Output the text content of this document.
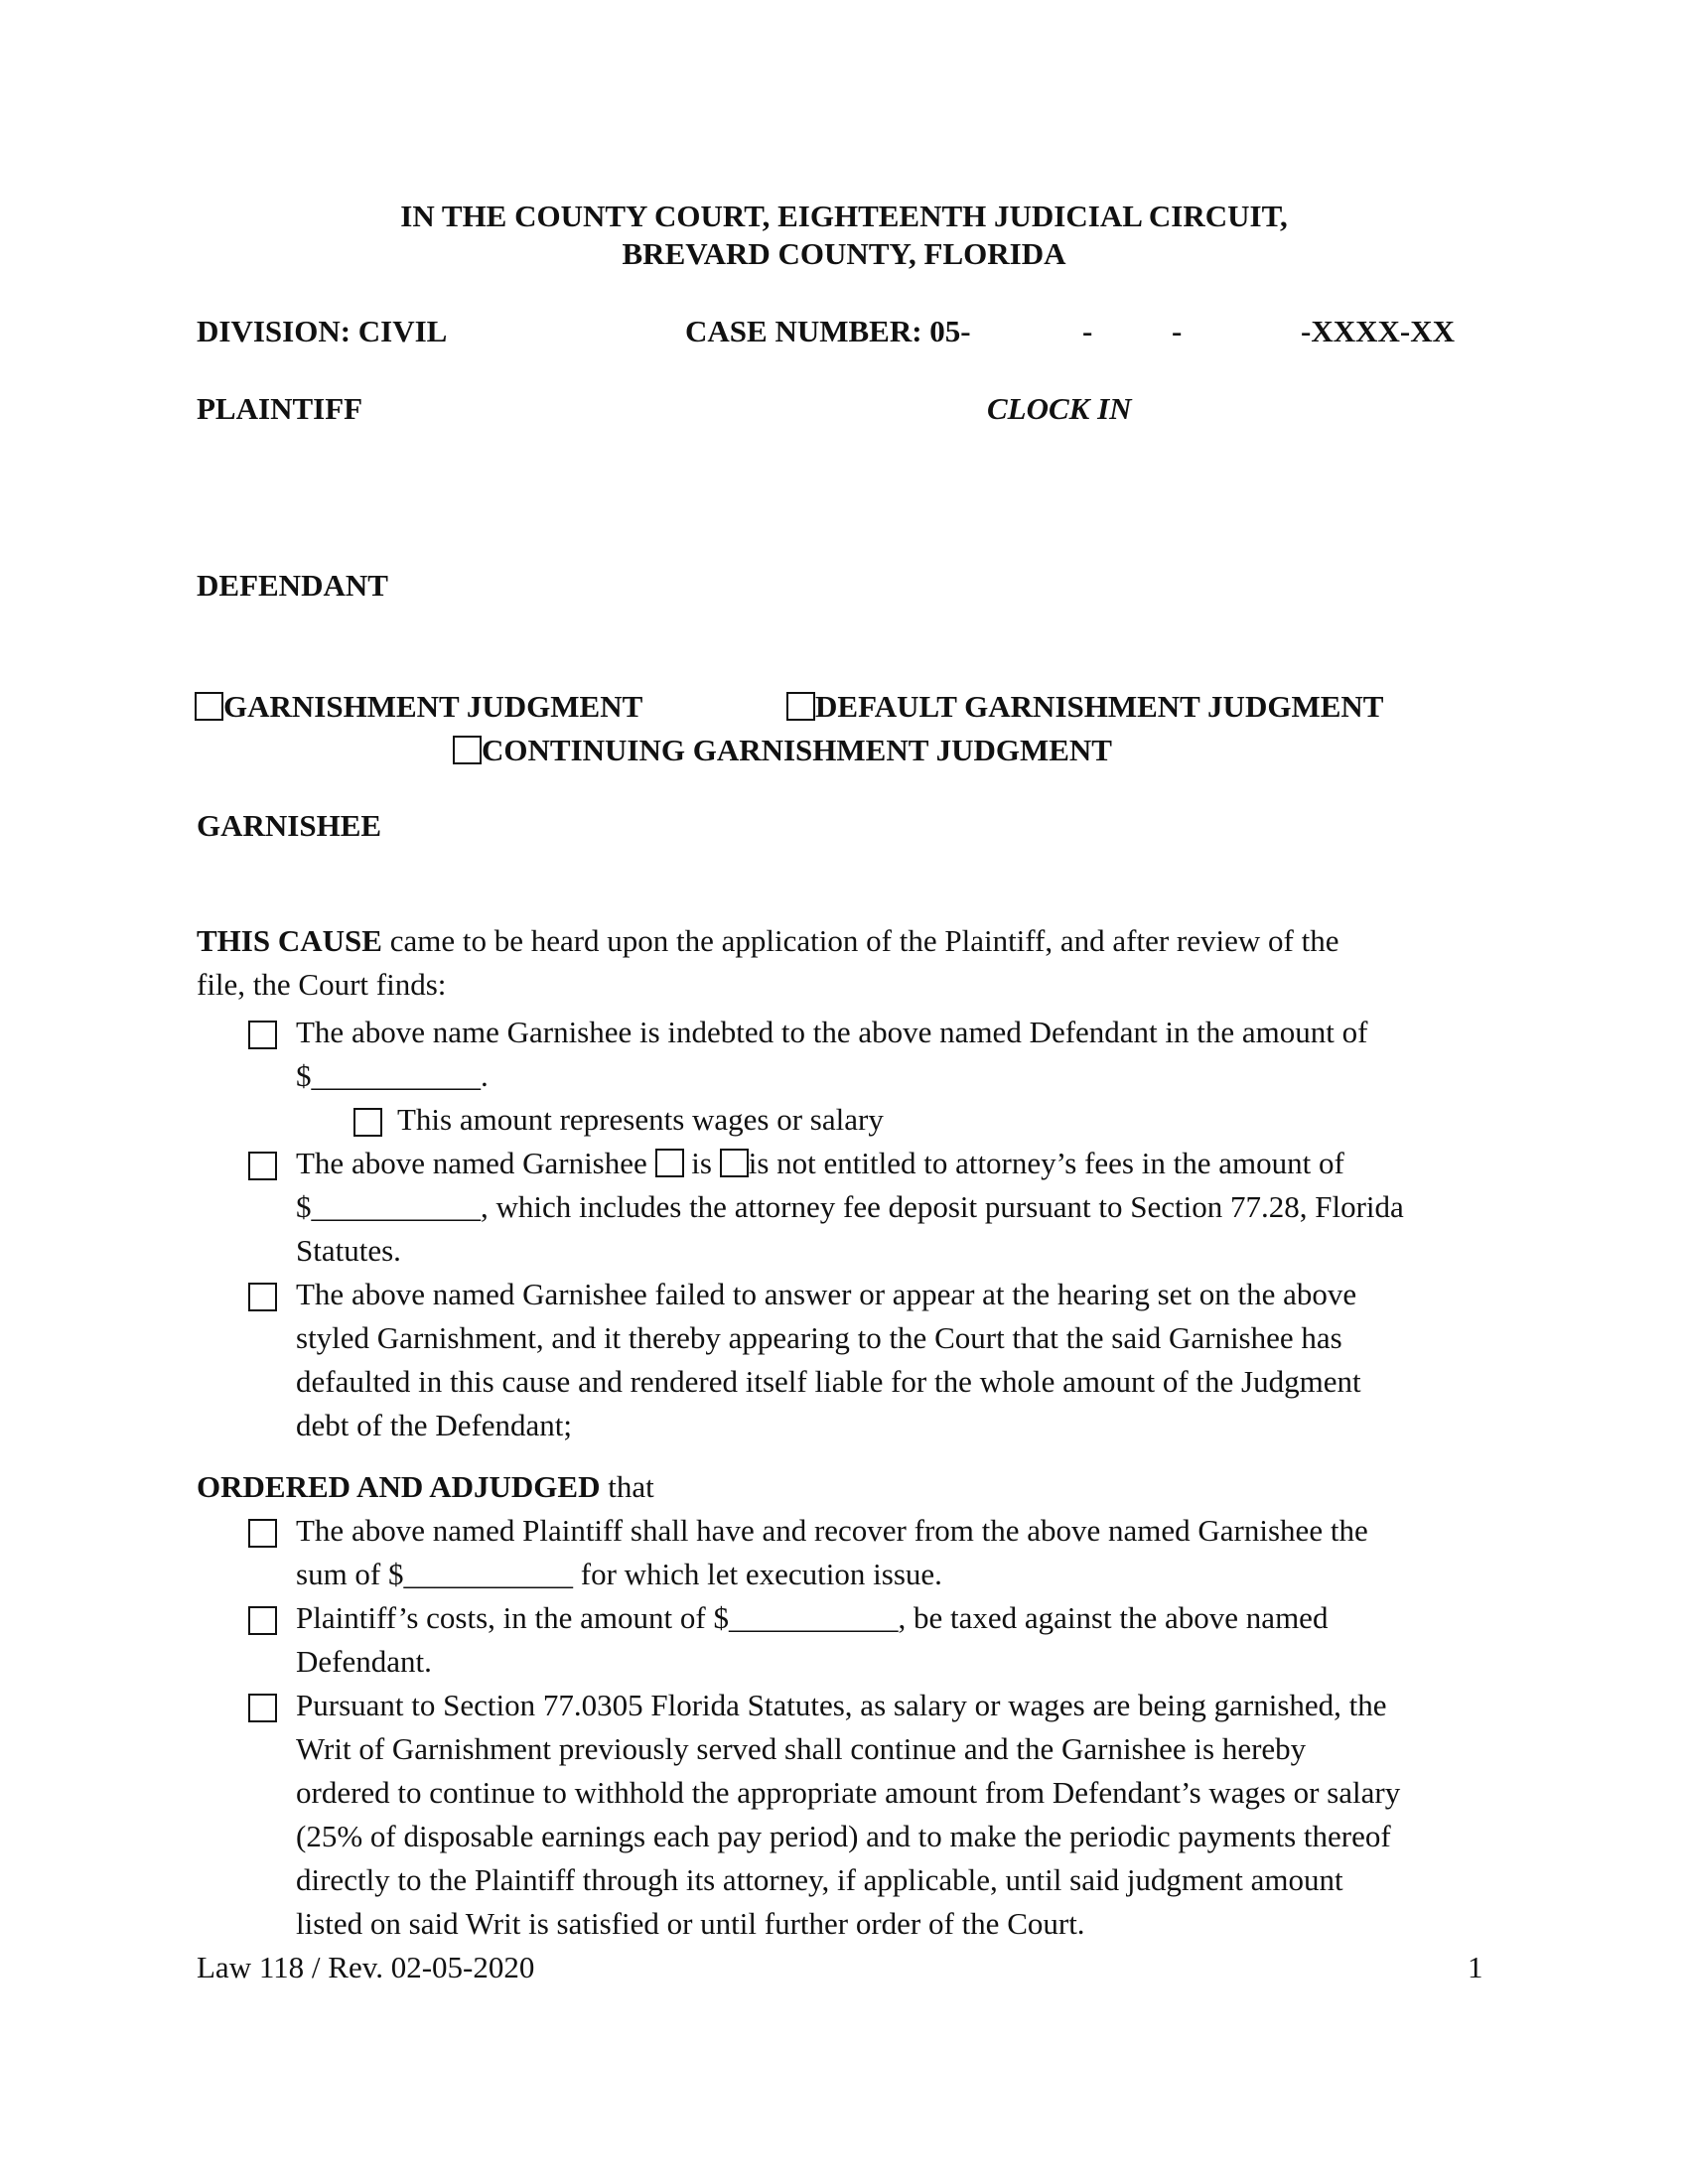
IN THE COUNTY COURT, EIGHTEENTH JUDICIAL CIRCUIT,
BREVARD COUNTY, FLORIDA
DIVISION: CIVIL	CASE NUMBER: 05-	-	-	-XXXX-XX
PLAINTIFF	CLOCK IN
DEFENDANT
GARNISHMENT JUDGMENT	DEFAULT GARNISHMENT JUDGMENT
CONTINUING GARNISHMENT JUDGMENT
GARNISHEE
THIS CAUSE came to be heard upon the application of the Plaintiff, and after review of the
file, the Court finds:
The above name Garnishee is indebted to the above named Defendant in the amount of
$___________.
This amount represents wages or salary
The above named Garnishee  is is not entitled to attorney’s fees in the amount of
$___________, which includes the attorney fee deposit pursuant to Section 77.28, Florida
Statutes.
The above named Garnishee failed to answer or appear at the hearing set on the above
styled Garnishment, and it thereby appearing to the Court that the said Garnishee has
defaulted in this cause and rendered itself liable for the whole amount of the Judgment
debt of the Defendant;
ORDERED AND ADJUDGED that
The above named Plaintiff shall have and recover from the above named Garnishee the
sum of $___________ for which let execution issue.
Plaintiff’s costs, in the amount of $___________, be taxed against the above named
Defendant.
Pursuant to Section 77.0305 Florida Statutes, as salary or wages are being garnished, the
Writ of Garnishment previously served shall continue and the Garnishee is hereby
ordered to continue to withhold the appropriate amount from Defendant’s wages or salary
(25% of disposable earnings each pay period) and to make the periodic payments thereof
directly to the Plaintiff through its attorney, if applicable, until said judgment amount
listed on said Writ is satisfied or until further order of the Court.
Law 118 / Rev. 02-05-2020	1
